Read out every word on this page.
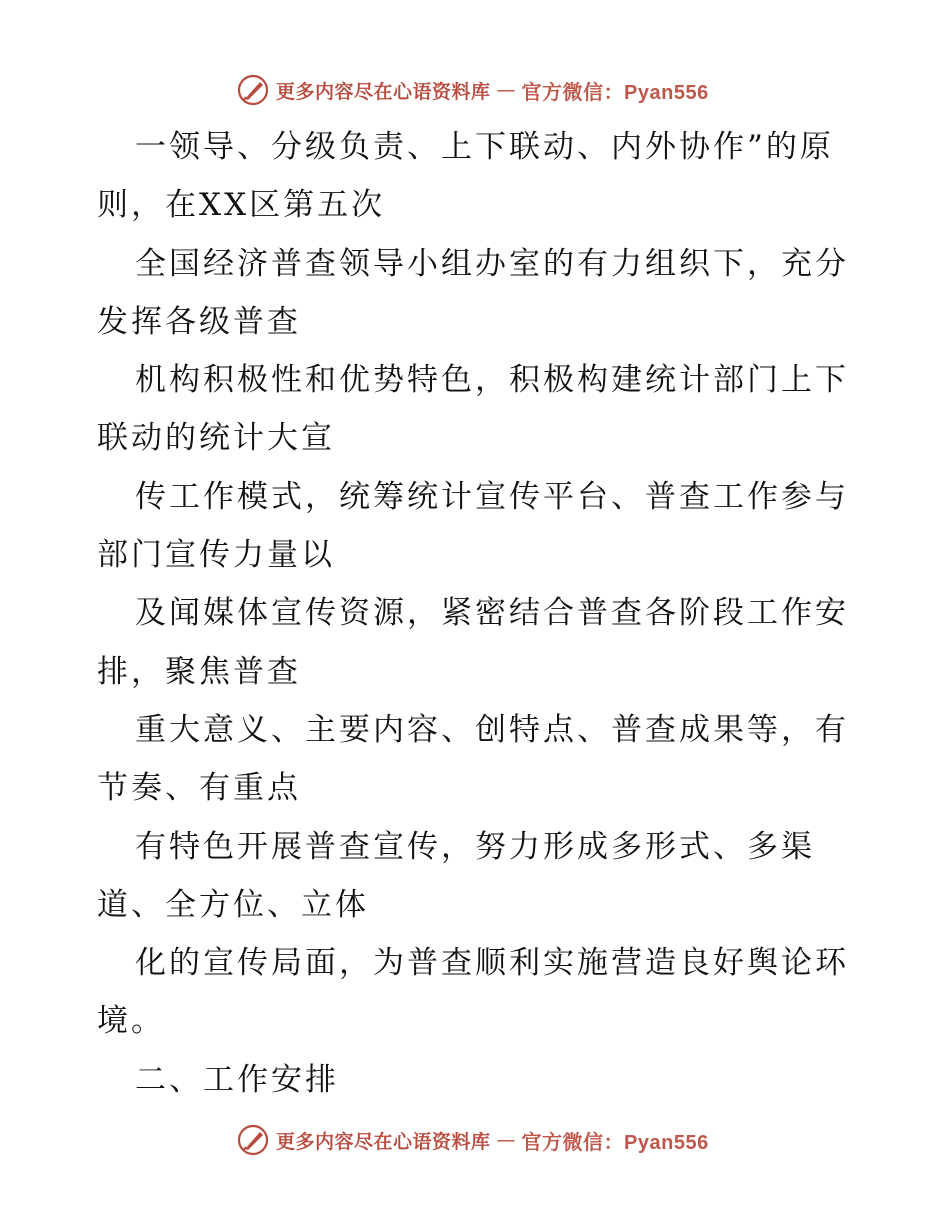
更多内容尽在心语资料库 — 官方微信：Pyan556

一领导、分级负责、上下联动、内外协作”的原

则，在XX区第五次

全国经济普查领导小组办室的有力组织下，充分

发挥各级普查

机构积极性和优势特色，积极构建统计部门上下

联动的统计大宣

传工作模式，统筹统计宣传平台、普查工作参与

部门宣传力量以

及闻媒体宣传资源，紧密结合普查各阶段工作安

排，聚焦普查

重大意义、主要内容、创特点、普查成果等，有

节奏、有重点

有特色开展普查宣传，努力形成多形式、多渠

道、全方位、立体

化的宣传局面，为普查顺利实施营造良好舆论环

境。

二、工作安排

更多内容尽在心语资料库 — 官方微信：Pyan556
